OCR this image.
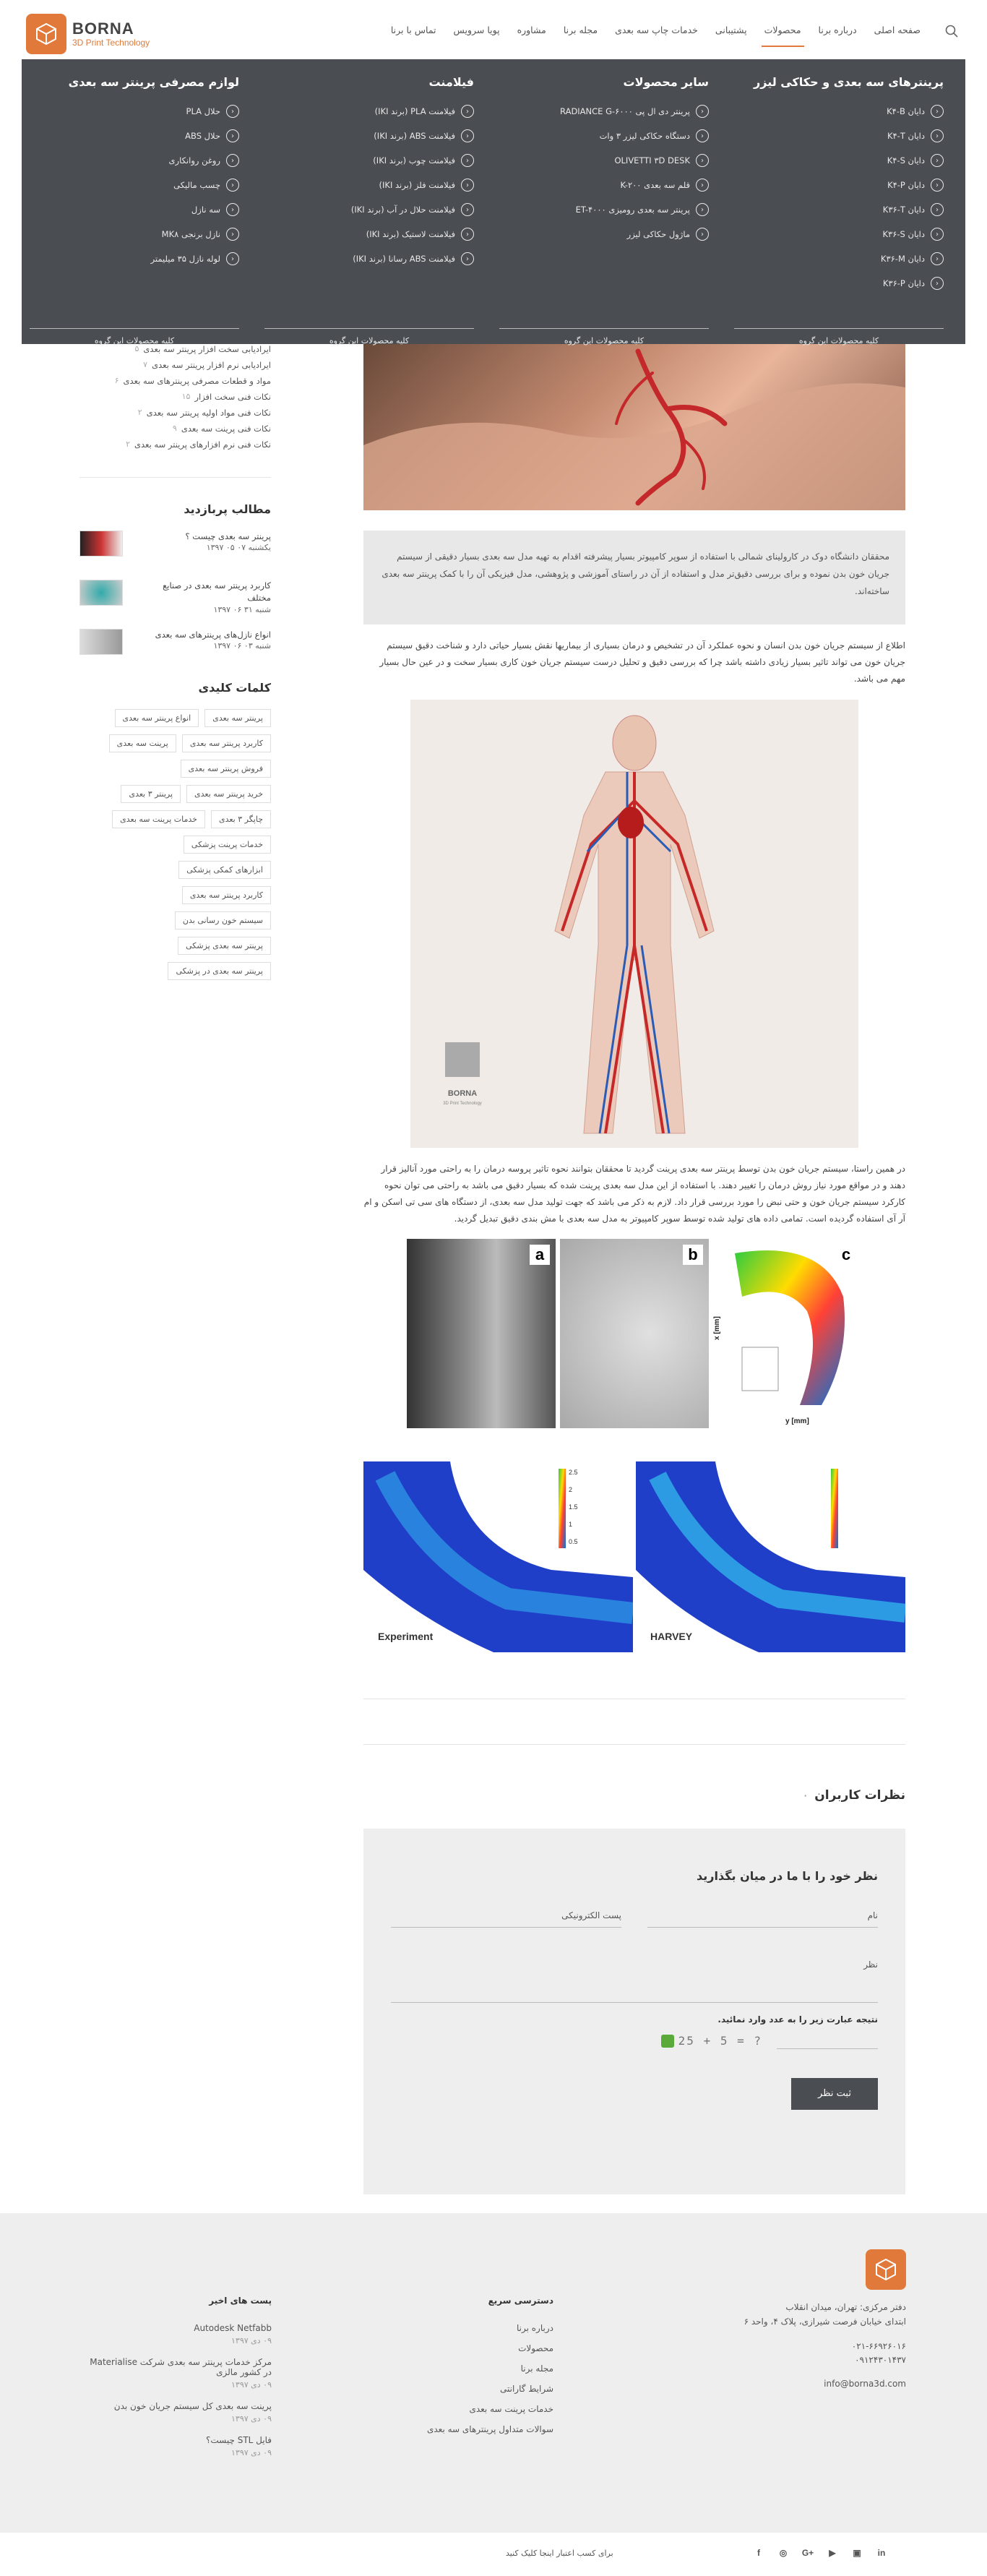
BORNA
3D Print Technology
صفحه اصلی
درباره برنا
محصولات
پشتیبانی
خدمات چاپ سه بعدی
مجله برنا
مشاوره
پویا سرویس
تماس با برنا
پرینترهای سه بعدی و حکاکی لیزر
‹
دایان K۴-B
‹
دایان K۴-T
‹
دایان K۴-S
‹
دایان K۴-P
‹
دایان K۳۶-T
‹
دایان K۳۶-S
‹
دایان K۳۶-M
‹
دایان K۳۶-P
کلیه محصولات این گروه
سایر محصولات
‹
پرینتر دی ال پی RADIANCE G-۶۰۰۰
‹
دستگاه حکاکی لیزر ۳ وات
‹
OLIVETTI ۳D DESK
‹
قلم سه بعدی K-۲۰۰
‹
پرینتر سه بعدی رومیزی ET-۴۰۰۰
‹
ماژول حکاکی لیزر
کلیه محصولات این گروه
فیلامنت
‹
فیلامنت PLA (برند IKI)
‹
فیلامنت ABS (برند IKI)
‹
فیلامنت چوب (برند IKI)
‹
فیلامنت فلز (برند IKI)
‹
فیلامنت حلال در آب (برند IKI)
‹
فیلامنت لاستیک (برند IKI)
‹
فیلامنت ABS رسانا (برند IKI)
کلیه محصولات این گروه
لوازم مصرفی پرینتر سه بعدی
‹
حلال PLA
‹
حلال ABS
‹
روغن روانکاری
‹
چسب مالیکی
‹
سه نازل
‹
نازل برنجی MK۸
‹
لوله نازل ۳۵ میلیمتر
کلیه محصولات این گروه
ایرادیابی سخت افزار پرینتر سه بعدی
۵
ایرادیابی نرم افزار پرینتر سه بعدی
۷
مواد و قطعات مصرفی پرینترهای سه بعدی
۶
نکات فنی سخت افزار
۱۵
نکات فنی مواد اولیه پرینتر سه بعدی
۲
نکات فنی پرینت سه بعدی
۹
نکات فنی نرم افزارهای پرینتر سه بعدی
۲
مطالب پربازدید
پرینتر سه بعدی چیست ؟
یکشنبه ۰۷ ۰۵ ۱۳۹۷
کاربرد پرینتر سه بعدی در صنایع مختلف
شنبه ۳۱ ۰۶ ۱۳۹۷
انواع نازل‌های پرینترهای سه بعدی
شنبه ۰۳ ۰۶ ۱۳۹۷
کلمات کلیدی
پرینتر سه بعدی
انواع پرینتر سه بعدی
کاربرد پرینتر سه بعدی
پرینت سه بعدی
فروش پرینتر سه بعدی
خرید پرینتر سه بعدی
پرینتر ۳ بعدی
چاپگر ۳ بعدی
خدمات پرینت سه بعدی
خدمات پرینت پزشکی
ابزارهای کمکی پزشکی
کاربرد پرینتر سه بعدی
سیستم خون رسانی بدن
پرینتر سه بعدی پزشکی
پرینتر سه بعدی در پزشکی
محققان دانشگاه دوک در کارولینای شمالی با استفاده از سوپر کامپیوتر بسیار پیشرفته اقدام به تهیه مدل سه بعدی بسیار دقیقی از سیستم جریان خون بدن نموده و برای بررسی دقیق‌تر مدل و استفاده از آن در راستای آموزشی و پژوهشی، مدل فیزیکی آن را با کمک پرینتر سه بعدی ساخته‌اند.

اطلاع از سیستم جریان خون بدن انسان و نحوه عملکرد آن در تشخیص و درمان بسیاری از بیماریها نقش بسیار حیاتی دارد و شناخت دقیق سیستم جریان خون می تواند تاثیر بسیار زیادی داشته باشد چرا که بررسی دقیق و تحلیل درست سیستم جریان خون کاری بسیار سخت و در عین حال بسیار مهم می باشد.

BORNA
3D Print Technology

در همین راستا، سیستم جریان خون بدن توسط پرینتر سه بعدی پرینت گردید تا محققان بتوانند نحوه تاثیر پروسه درمان را به راحتی مورد آنالیز قرار دهند و در مواقع مورد نیاز روش درمان را تغییر دهند. با استفاده از این مدل سه بعدی پرینت شده که بسیار دقیق می باشد به راحتی می توان نحوه کارکرد سیستم جریان خون و حتی نبض را مورد بررسی قرار داد. لازم به ذکر می باشد که جهت تولید مدل سه بعدی، از دستگاه های سی تی اسکن و ام آر آی استفاده گردیده است. تمامی داده های تولید شده توسط سوپر کامپیوتر به مدل سه بعدی با مش بندی دقیق تبدیل گردید.

a	b
y [mm]
x [mm]
c
2.5
2
1.5
1
0.5
Experiment	HARVEY
نظرات کاربران
۰
نظر خود را با ما در میان بگذارید
نام
پست الکترونیکی
نظر
نتیجه عبارت زیر را به عدد وارد نمائید.
25 + 5 = ?
ثبت نظر
دفتر مرکزی: تهران، میدان انقلاب
ابتدای خیابان فرصت شیرازی، پلاک ۴، واحد ۶
۰۲۱-۶۶۹۲۶۰۱۶
۰۹۱۲۴۳۰۱۴۳۷
info@borna3d.com
دسترسی سریع
درباره برنا
محصولات
مجله برنا
شرایط گارانتی
خدمات پرینت سه بعدی
سوالات متداول پرینترهای سه بعدی
پست های اخیر
Autodesk Netfabb
۰۹ دی ۱۳۹۷
مرکز خدمات پرینتر سه بعدی شرکت Materialise در کشور مالزی
۰۹ دی ۱۳۹۷
پرینت سه بعدی کل سیستم جریان خون بدن
۰۹ دی ۱۳۹۷
فایل STL چیست؟
۰۹ دی ۱۳۹۷
برای کسب اعتبار اینجا کلیک کنید	f	◎	G+	▶	▣	in
